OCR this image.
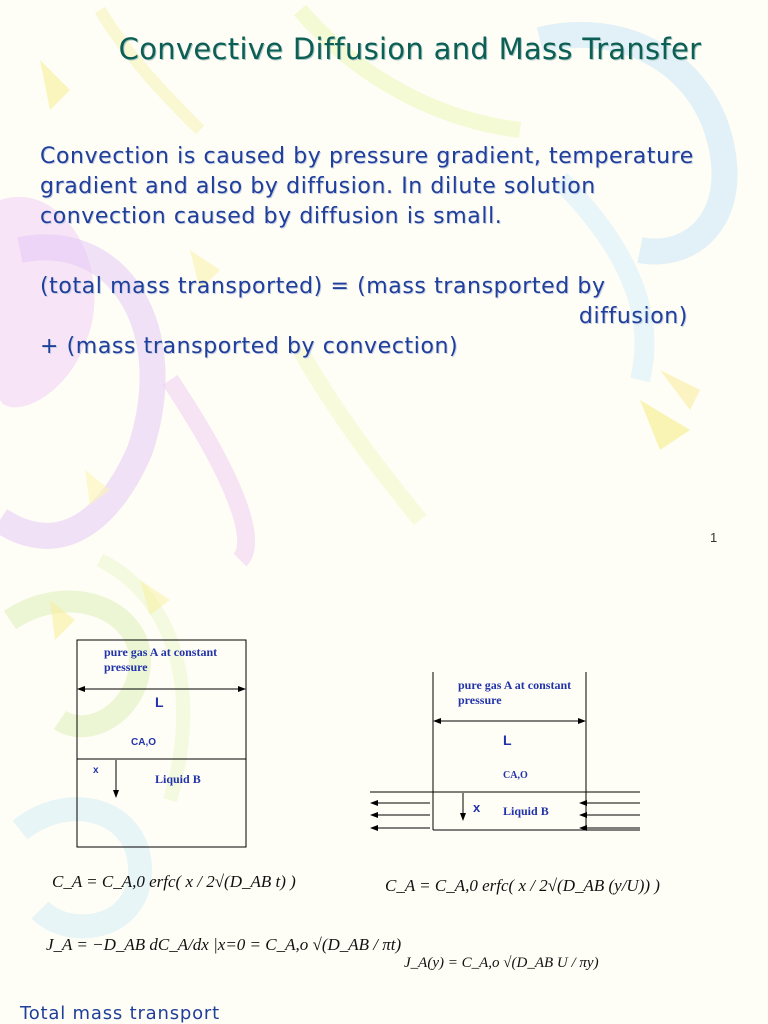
Convective Diffusion and Mass Transfer
Convection is caused by pressure gradient, temperature gradient and also by diffusion. In dilute solution convection caused by diffusion is small.
(total mass transported) = (mass transported by
diffusion)
+ (mass transported by convection)
1
pure gas A at constant pressure
L
CA,O
x
Liquid B
pure gas A at constant pressure
L
CA,O
x Liquid B
C_A = C_A,0 erfc( x / 2√(D_AB t) )
J_A = −D_AB dC_A/dx |x=0 = C_A,o √(D_AB / πt)
C_A = C_A,0 erfc( x / 2√(D_AB (y/U)) )
J_A(y) = C_A,o √(D_AB U / πy)
Total mass transport
